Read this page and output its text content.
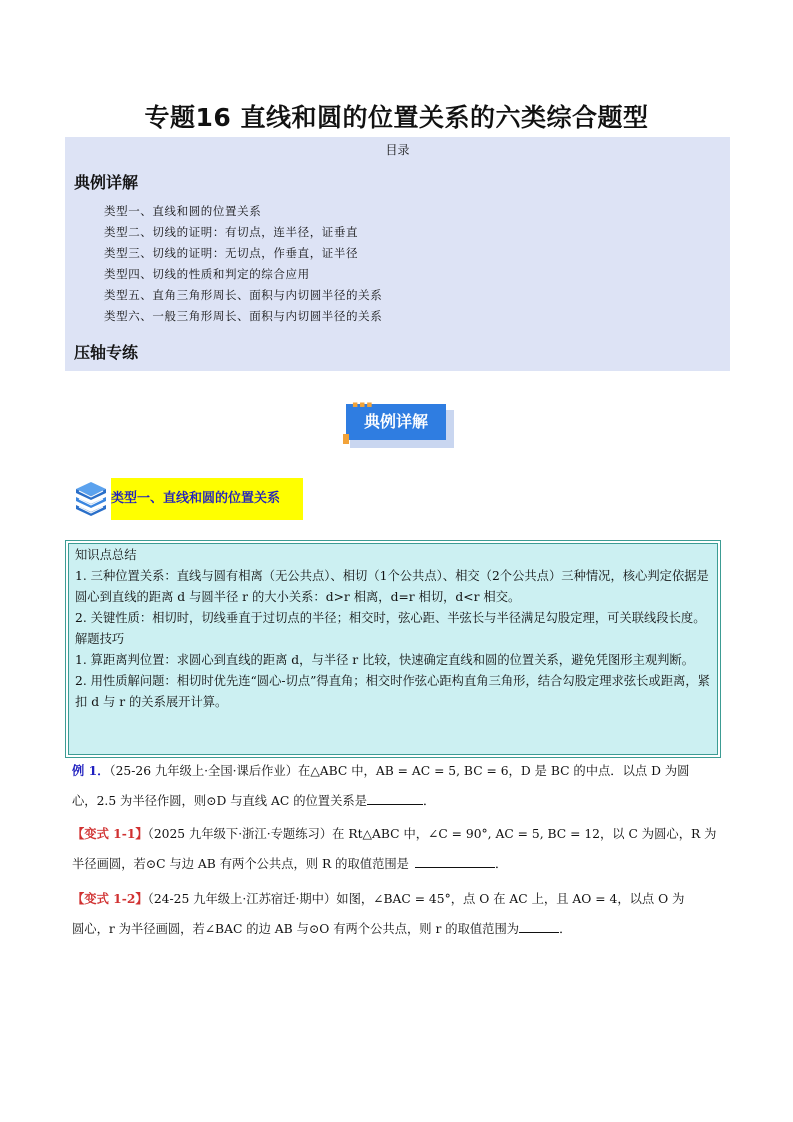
专题16 直线和圆的位置关系的六类综合题型
目录
典例详解
类型一、直线和圆的位置关系
类型二、切线的证明：有切点，连半径，证垂直
类型三、切线的证明：无切点，作垂直，证半径
类型四、切线的性质和判定的综合应用
类型五、直角三角形周长、面积与内切圆半径的关系
类型六、一般三角形周长、面积与内切圆半径的关系
压轴专练
典例详解
▪▪▪
类型一、直线和圆的位置关系

知识点总结

1. 三种位置关系：直线与圆有相离（无公共点）、相切（1个公共点）、相交（2个公共点）三种情况，核心判定依据是圆心到直线的距离 d 与圆半径 r 的大小关系：d>r 相离，d=r 相切，d<r 相交。

2. 关键性质：相切时，切线垂直于过切点的半径；相交时，弦心距、半弦长与半径满足勾股定理，可关联线段长度。

解题技巧

1. 算距离判位置：求圆心到直线的距离 d，与半径 r 比较，快速确定直线和圆的位置关系，避免凭图形主观判断。

2. 用性质解问题：相切时优先连“圆心-切点”得直角；相交时作弦心距构直角三角形，结合勾股定理求弦长或距离，紧扣 d 与 r 的关系展开计算。

例 1．（25-26 九年级上·全国·课后作业）在△ABC 中，AB = AC = 5, BC = 6，D 是 BC 的中点．以点 D 为圆

心，2.5 为半径作圆，则⊙D 与直线 AC 的位置关系是	．

【变式 1-1】（2025 九年级下·浙江·专题练习）在 Rt△ABC 中，∠C = 90°, AC = 5, BC = 12，以 C 为圆心，R 为

半径画圆，若⊙C 与边 AB 有两个公共点，则 R 的取值范围是	．

【变式 1-2】（24-25 九年级上·江苏宿迁·期中）如图，∠BAC = 45°，点 O 在 AC 上，且 AO = 4，以点 O 为

圆心，r 为半径画圆，若∠BAC 的边 AB 与⊙O 有两个公共点，则 r 的取值范围为	．
